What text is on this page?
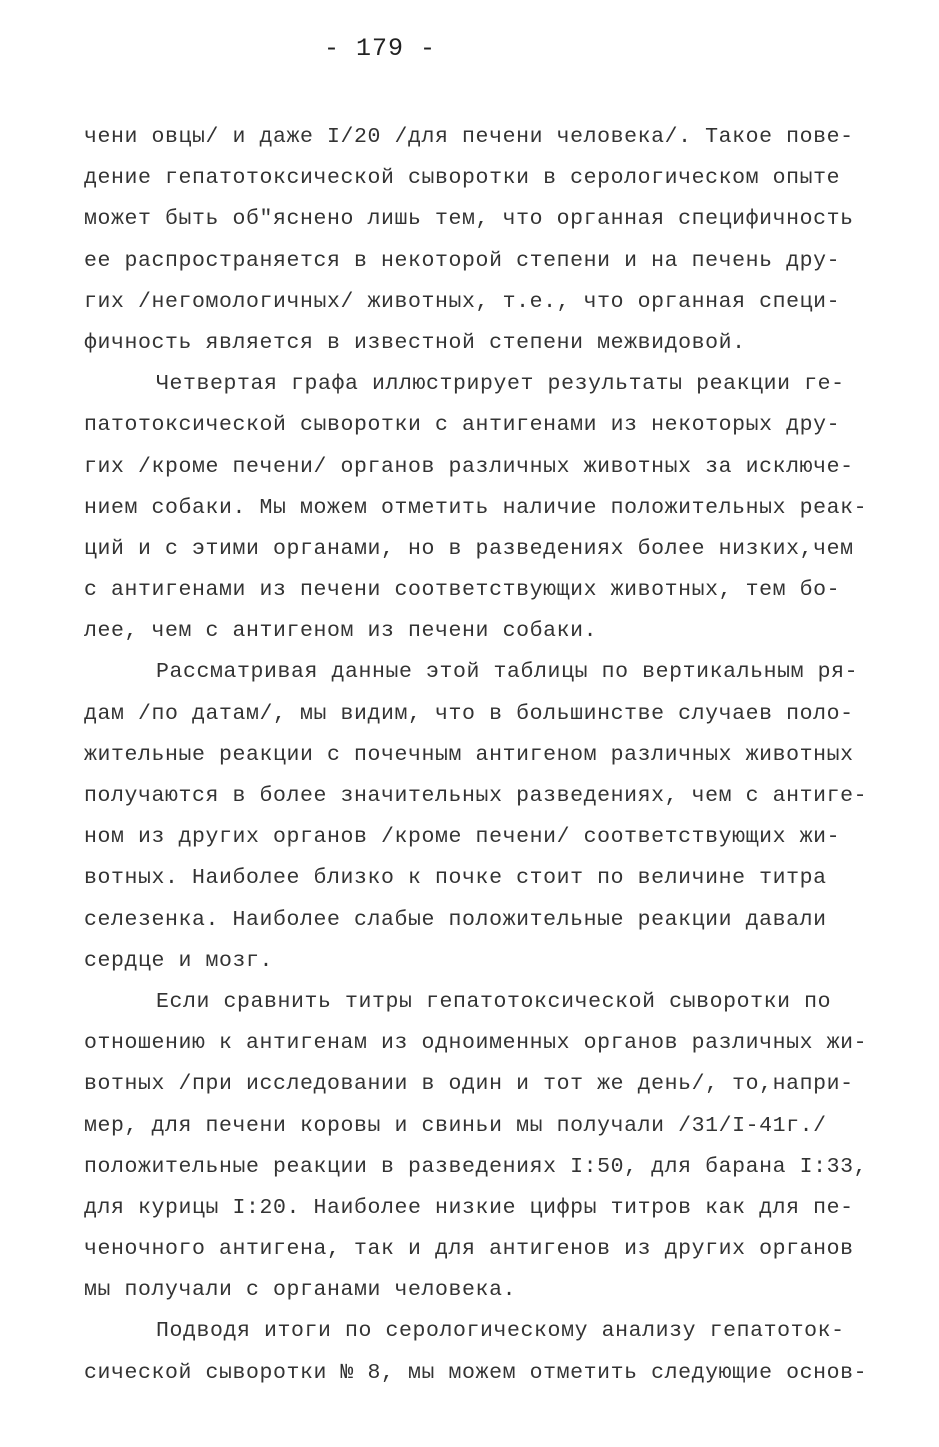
- 179 -
чени овцы/ и даже I/20 /для печени человека/. Такое пове-
дение гепатотоксической сыворотки в серологическом опыте
может быть об"яснено лишь тем, что органная специфичность
ее распространяется в некоторой степени и на печень дру-
гих /негомологичных/ животных, т.е., что органная специ-
фичность является в известной степени межвидовой.
Четвертая графа иллюстрирует результаты реакции ге-
патотоксической сыворотки с антигенами из некоторых дру-
гих /кроме печени/ органов различных животных за исключе-
нием собаки. Мы можем отметить наличие положительных реак-
ций и с этими органами, но в разведениях более низких,чем
с антигенами из печени соответствующих животных, тем бо-
лее, чем с антигеном из печени собаки.
Рассматривая данные этой таблицы по вертикальным ря-
дам /по датам/, мы видим, что в большинстве случаев поло-
жительные реакции с почечным антигеном различных животных
получаются в более значительных разведениях, чем с антиге-
ном из других органов /кроме печени/ соответствующих жи-
вотных. Наиболее близко к почке стоит по величине титра
селезенка. Наиболее слабые положительные реакции давали
сердце и мозг.
Если сравнить титры гепатотоксической сыворотки по
отношению к антигенам из одноименных органов различных жи-
вотных /при исследовании в один и тот же день/, то,напри-
мер, для печени коровы и свиньи мы получали /31/I-41г./
положительные реакции в разведениях I:50, для барана I:33,
для курицы I:20. Наиболее низкие цифры титров как для пе-
ченочного антигена, так и для антигенов из других органов
мы получали с органами человека.
Подводя итоги по серологическому анализу гепатоток-
сической сыворотки № 8, мы можем отметить следующие основ-
